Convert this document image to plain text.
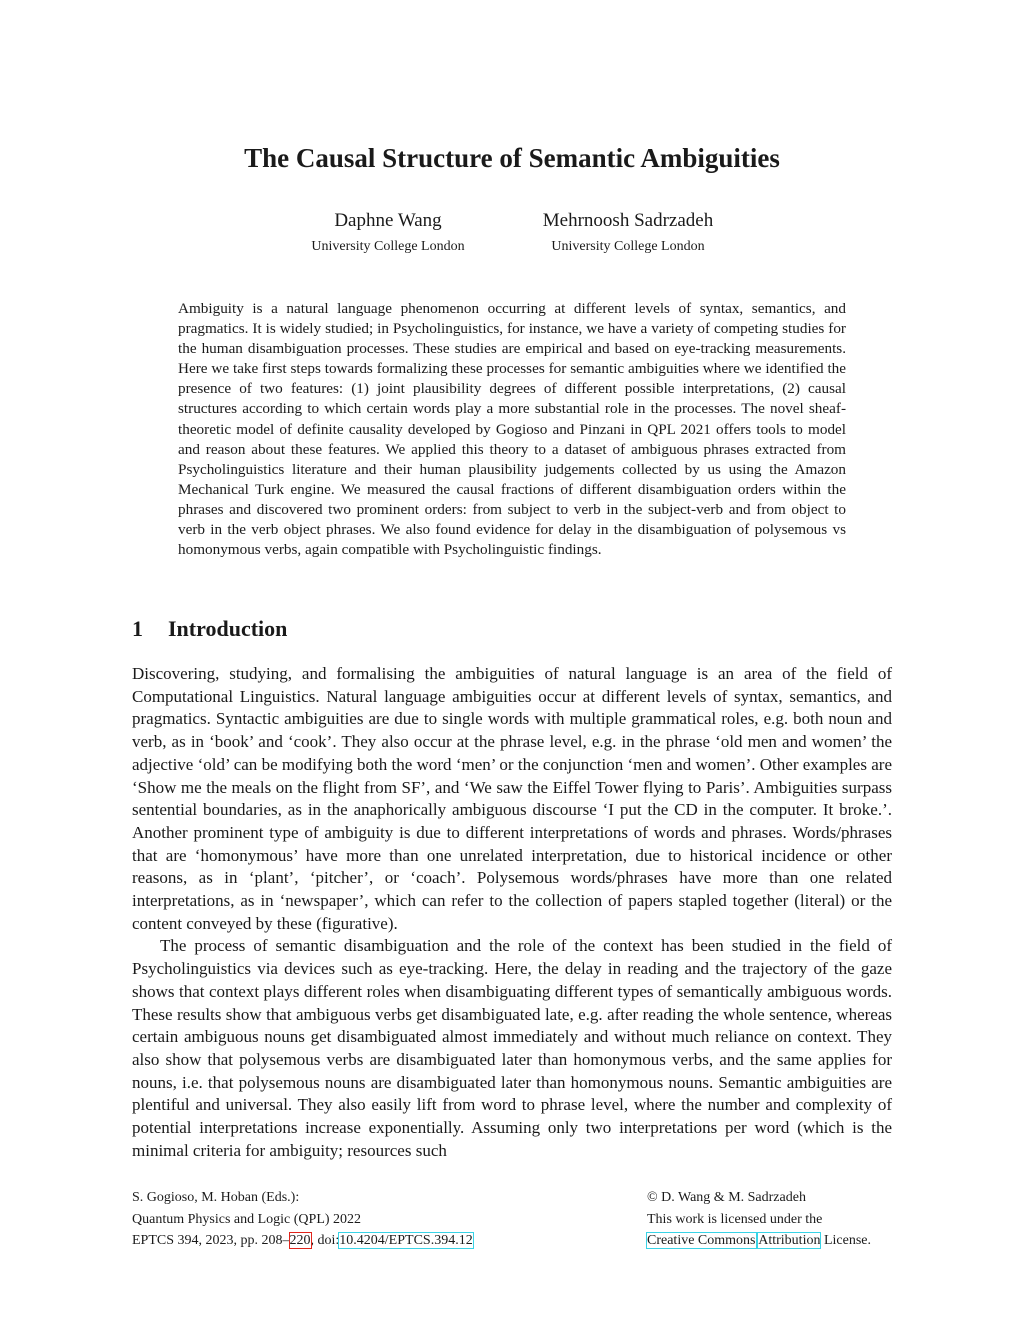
The Causal Structure of Semantic Ambiguities
Daphne Wang
University College London
Mehrnoosh Sadrzadeh
University College London

Ambiguity is a natural language phenomenon occurring at different levels of syntax, semantics, and pragmatics. It is widely studied; in Psycholinguistics, for instance, we have a variety of competing studies for the human disambiguation processes. These studies are empirical and based on eye-tracking measurements. Here we take first steps towards formalizing these processes for semantic ambiguities where we identified the presence of two features: (1) joint plausibility degrees of different possible interpretations, (2) causal structures according to which certain words play a more substantial role in the processes. The novel sheaf-theoretic model of definite causality developed by Gogioso and Pinzani in QPL 2021 offers tools to model and reason about these features. We applied this theory to a dataset of ambiguous phrases extracted from Psycholinguistics literature and their human plausibility judgements collected by us using the Amazon Mechanical Turk engine. We measured the causal fractions of different disambiguation orders within the phrases and discovered two prominent orders: from subject to verb in the subject-verb and from object to verb in the verb object phrases. We also found evidence for delay in the disambiguation of polysemous vs homonymous verbs, again compatible with Psycholinguistic findings.

1 Introduction

Discovering, studying, and formalising the ambiguities of natural language is an area of the field of Computational Linguistics. Natural language ambiguities occur at different levels of syntax, semantics, and pragmatics. Syntactic ambiguities are due to single words with multiple grammatical roles, e.g. both noun and verb, as in ‘book’ and ‘cook’. They also occur at the phrase level, e.g. in the phrase ‘old men and women’ the adjective ‘old’ can be modifying both the word ‘men’ or the conjunction ‘men and women’. Other examples are ‘Show me the meals on the flight from SF’, and ‘We saw the Eiffel Tower flying to Paris’. Ambiguities surpass sentential boundaries, as in the anaphorically ambiguous discourse ‘I put the CD in the computer. It broke.’. Another prominent type of ambiguity is due to different interpretations of words and phrases. Words/phrases that are ‘homonymous’ have more than one unrelated interpretation, due to historical incidence or other reasons, as in ‘plant’, ‘pitcher’, or ‘coach’. Polysemous words/phrases have more than one related interpretations, as in ‘newspaper’, which can refer to the collection of papers stapled together (literal) or the content conveyed by these (figurative).

The process of semantic disambiguation and the role of the context has been studied in the field of Psycholinguistics via devices such as eye-tracking. Here, the delay in reading and the trajectory of the gaze shows that context plays different roles when disambiguating different types of semantically ambiguous words. These results show that ambiguous verbs get disambiguated late, e.g. after reading the whole sentence, whereas certain ambiguous nouns get disambiguated almost immediately and without much reliance on context. They also show that polysemous verbs are disambiguated later than homonymous verbs, and the same applies for nouns, i.e. that polysemous nouns are disambiguated later than homonymous nouns. Semantic ambiguities are plentiful and universal. They also easily lift from word to phrase level, where the number and complexity of potential interpretations increase exponentially. Assuming only two interpretations per word (which is the minimal criteria for ambiguity; resources such

S. Gogioso, M. Hoban (Eds.):
Quantum Physics and Logic (QPL) 2022
EPTCS 394, 2023, pp. 208–220, doi:10.4204/EPTCS.394.12
© D. Wang & M. Sadrzadeh
This work is licensed under the
Creative Commons Attribution License.
